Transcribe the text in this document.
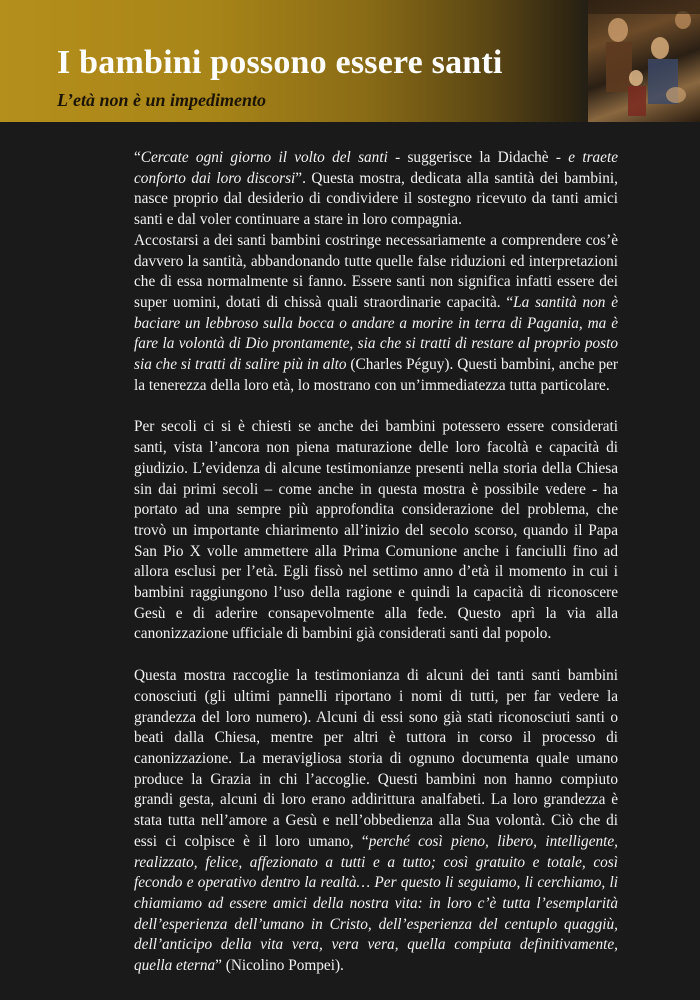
I bambini possono essere santi
L’età non è un impedimento

“Cercate ogni giorno il volto del santi - suggerisce la Didachè - e traete conforto dai loro discorsi”. Questa mostra, dedicata alla santità dei bambini, nasce proprio dal desiderio di condividere il sostegno ricevuto da tanti amici santi e dal voler continuare a stare in loro compagnia.

Accostarsi a dei santi bambini costringe necessariamente a comprendere cos’è davvero la santità, abbandonando tutte quelle false riduzioni ed interpretazioni che di essa normalmente si fanno. Essere santi non significa infatti essere dei super uomini, dotati di chissà quali straordinarie capacità. “La santità non è baciare un lebbroso sulla bocca o andare a morire in terra di Pagania, ma è fare la volontà di Dio prontamente, sia che si tratti di restare al proprio posto sia che si tratti di salire più in alto (Charles Péguy). Questi bambini, anche per la tenerezza della loro età, lo mostrano con un’immediatezza tutta particolare.

Per secoli ci si è chiesti se anche dei bambini potessero essere considerati santi, vista l’ancora non piena maturazione delle loro facoltà e capacità di giudizio. L’evidenza di alcune testimonianze presenti nella storia della Chiesa sin dai primi secoli – come anche in questa mostra è possibile vedere - ha portato ad una sempre più approfondita considerazione del problema, che trovò un importante chiarimento all’inizio del secolo scorso, quando il Papa San Pio X volle ammettere alla Prima Comunione anche i fanciulli fino ad allora esclusi per l’età. Egli fissò nel settimo anno d’età il momento in cui i bambini raggiungono l’uso della ragione e quindi la capacità di riconoscere Gesù e di aderire consapevolmente alla fede. Questo aprì la via alla canonizzazione ufficiale di bambini già considerati santi dal popolo.

Questa mostra raccoglie la testimonianza di alcuni dei tanti santi bambini conosciuti (gli ultimi pannelli riportano i nomi di tutti, per far vedere la grandezza del loro numero). Alcuni di essi sono già stati riconosciuti santi o beati dalla Chiesa, mentre per altri è tuttora in corso il processo di canonizzazione. La meravigliosa storia di ognuno documenta quale umano produce la Grazia in chi l’accoglie. Questi bambini non hanno compiuto grandi gesta, alcuni di loro erano addirittura analfabeti. La loro grandezza è stata tutta nell’amore a Gesù e nell’obbedienza alla Sua volontà. Ciò che di essi ci colpisce è il loro umano, “perché così pieno, libero, intelligente, realizzato, felice, affezionato a tutti e a tutto; così gratuito e totale, così fecondo e operativo dentro la realtà… Per questo li seguiamo, li cerchiamo, li chiamiamo ad essere amici della nostra vita: in loro c’è tutta l’esemplarità dell’esperienza dell’umano in Cristo, dell’esperienza del centuplo quaggiù, dell’anticipo della vita vera, vera vera, quella compiuta definitivamente, quella eterna” (Nicolino Pompei).
